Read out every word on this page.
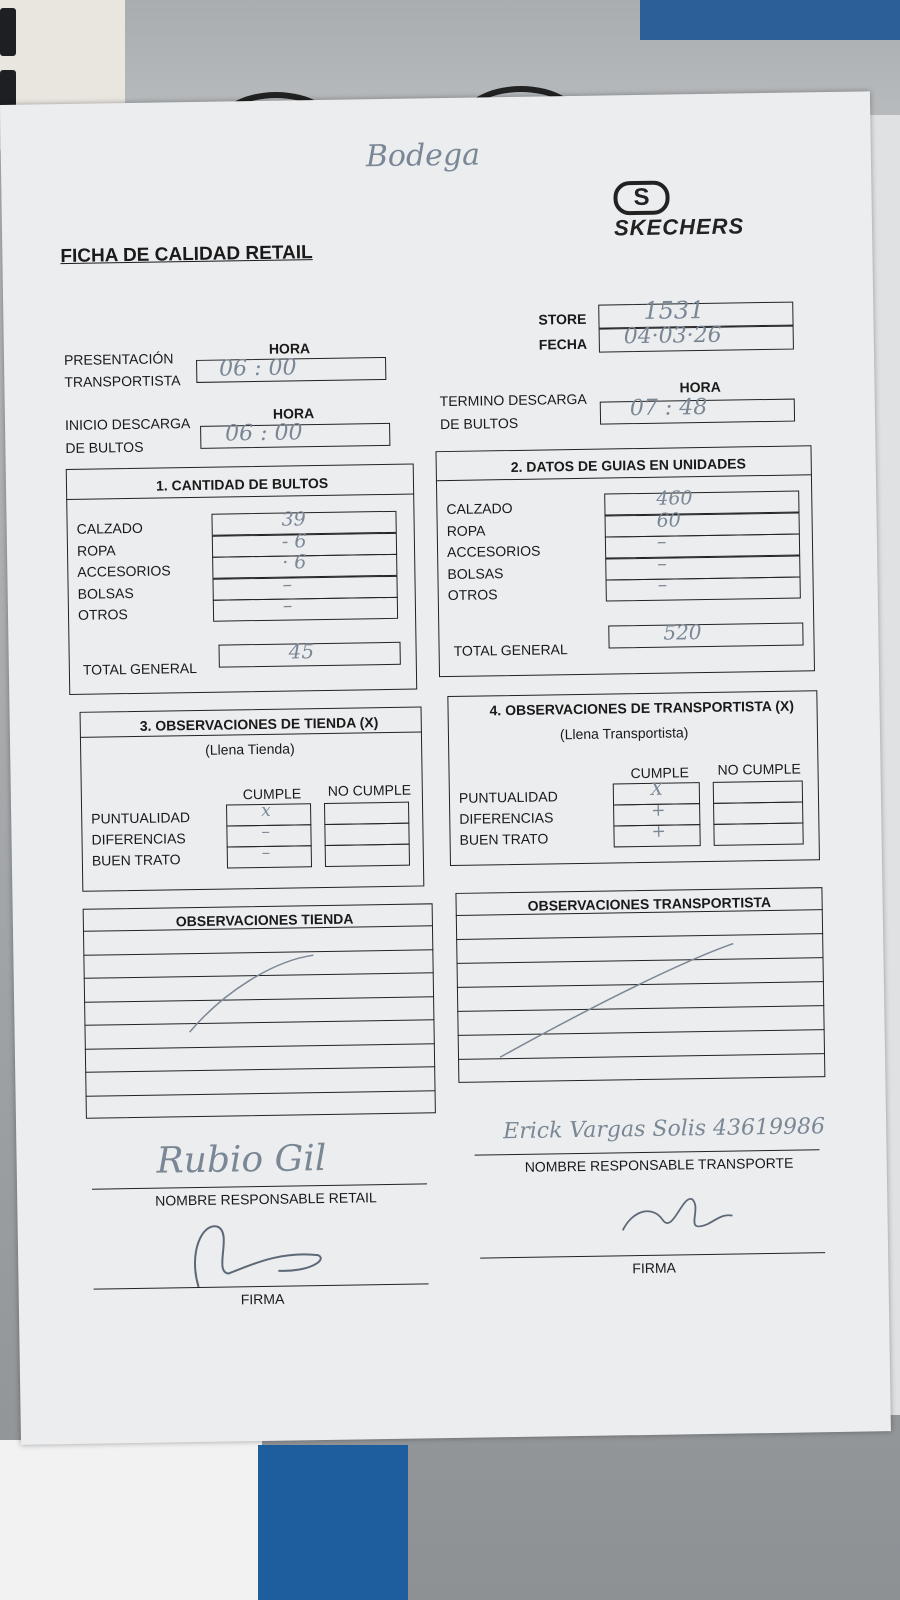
Bodega
S
SKECHERS
FICHA DE CALIDAD RETAIL
STORE 1531
FECHA 04·03·26
PRESENTACIÓN
TRANSPORTISTA
HORA
06 : 00
INICIO DESCARGA
DE BULTOS
HORA
06 : 00
TERMINO DESCARGA
DE BULTOS
HORA
07 : 48
1. CANTIDAD DE BULTOS
CALZADO	39
ROPA	- 6
ACCESORIOS	· 6
BOLSAS	–
OTROS	–
TOTAL GENERAL
45
2. DATOS DE GUIAS EN UNIDADES
CALZADO	460
ROPA	60
ACCESORIOS	–
BOLSAS	–
OTROS	–
TOTAL GENERAL
520
3. OBSERVACIONES DE TIENDA (X)
(Llena Tienda)
CUMPLE NO CUMPLE
PUNTUALIDAD	x
DIFERENCIAS	–
BUEN TRATO	–
4. OBSERVACIONES DE TRANSPORTISTA (X)
(Llena Transportista)
CUMPLE NO CUMPLE
PUNTUALIDAD	X
DIFERENCIAS	+
BUEN TRATO	+
OBSERVACIONES TIENDA
OBSERVACIONES TRANSPORTISTA
Rubio Gil
NOMBRE RESPONSABLE RETAIL
Erick Vargas Solis 43619986
NOMBRE RESPONSABLE TRANSPORTE
FIRMA
FIRMA
